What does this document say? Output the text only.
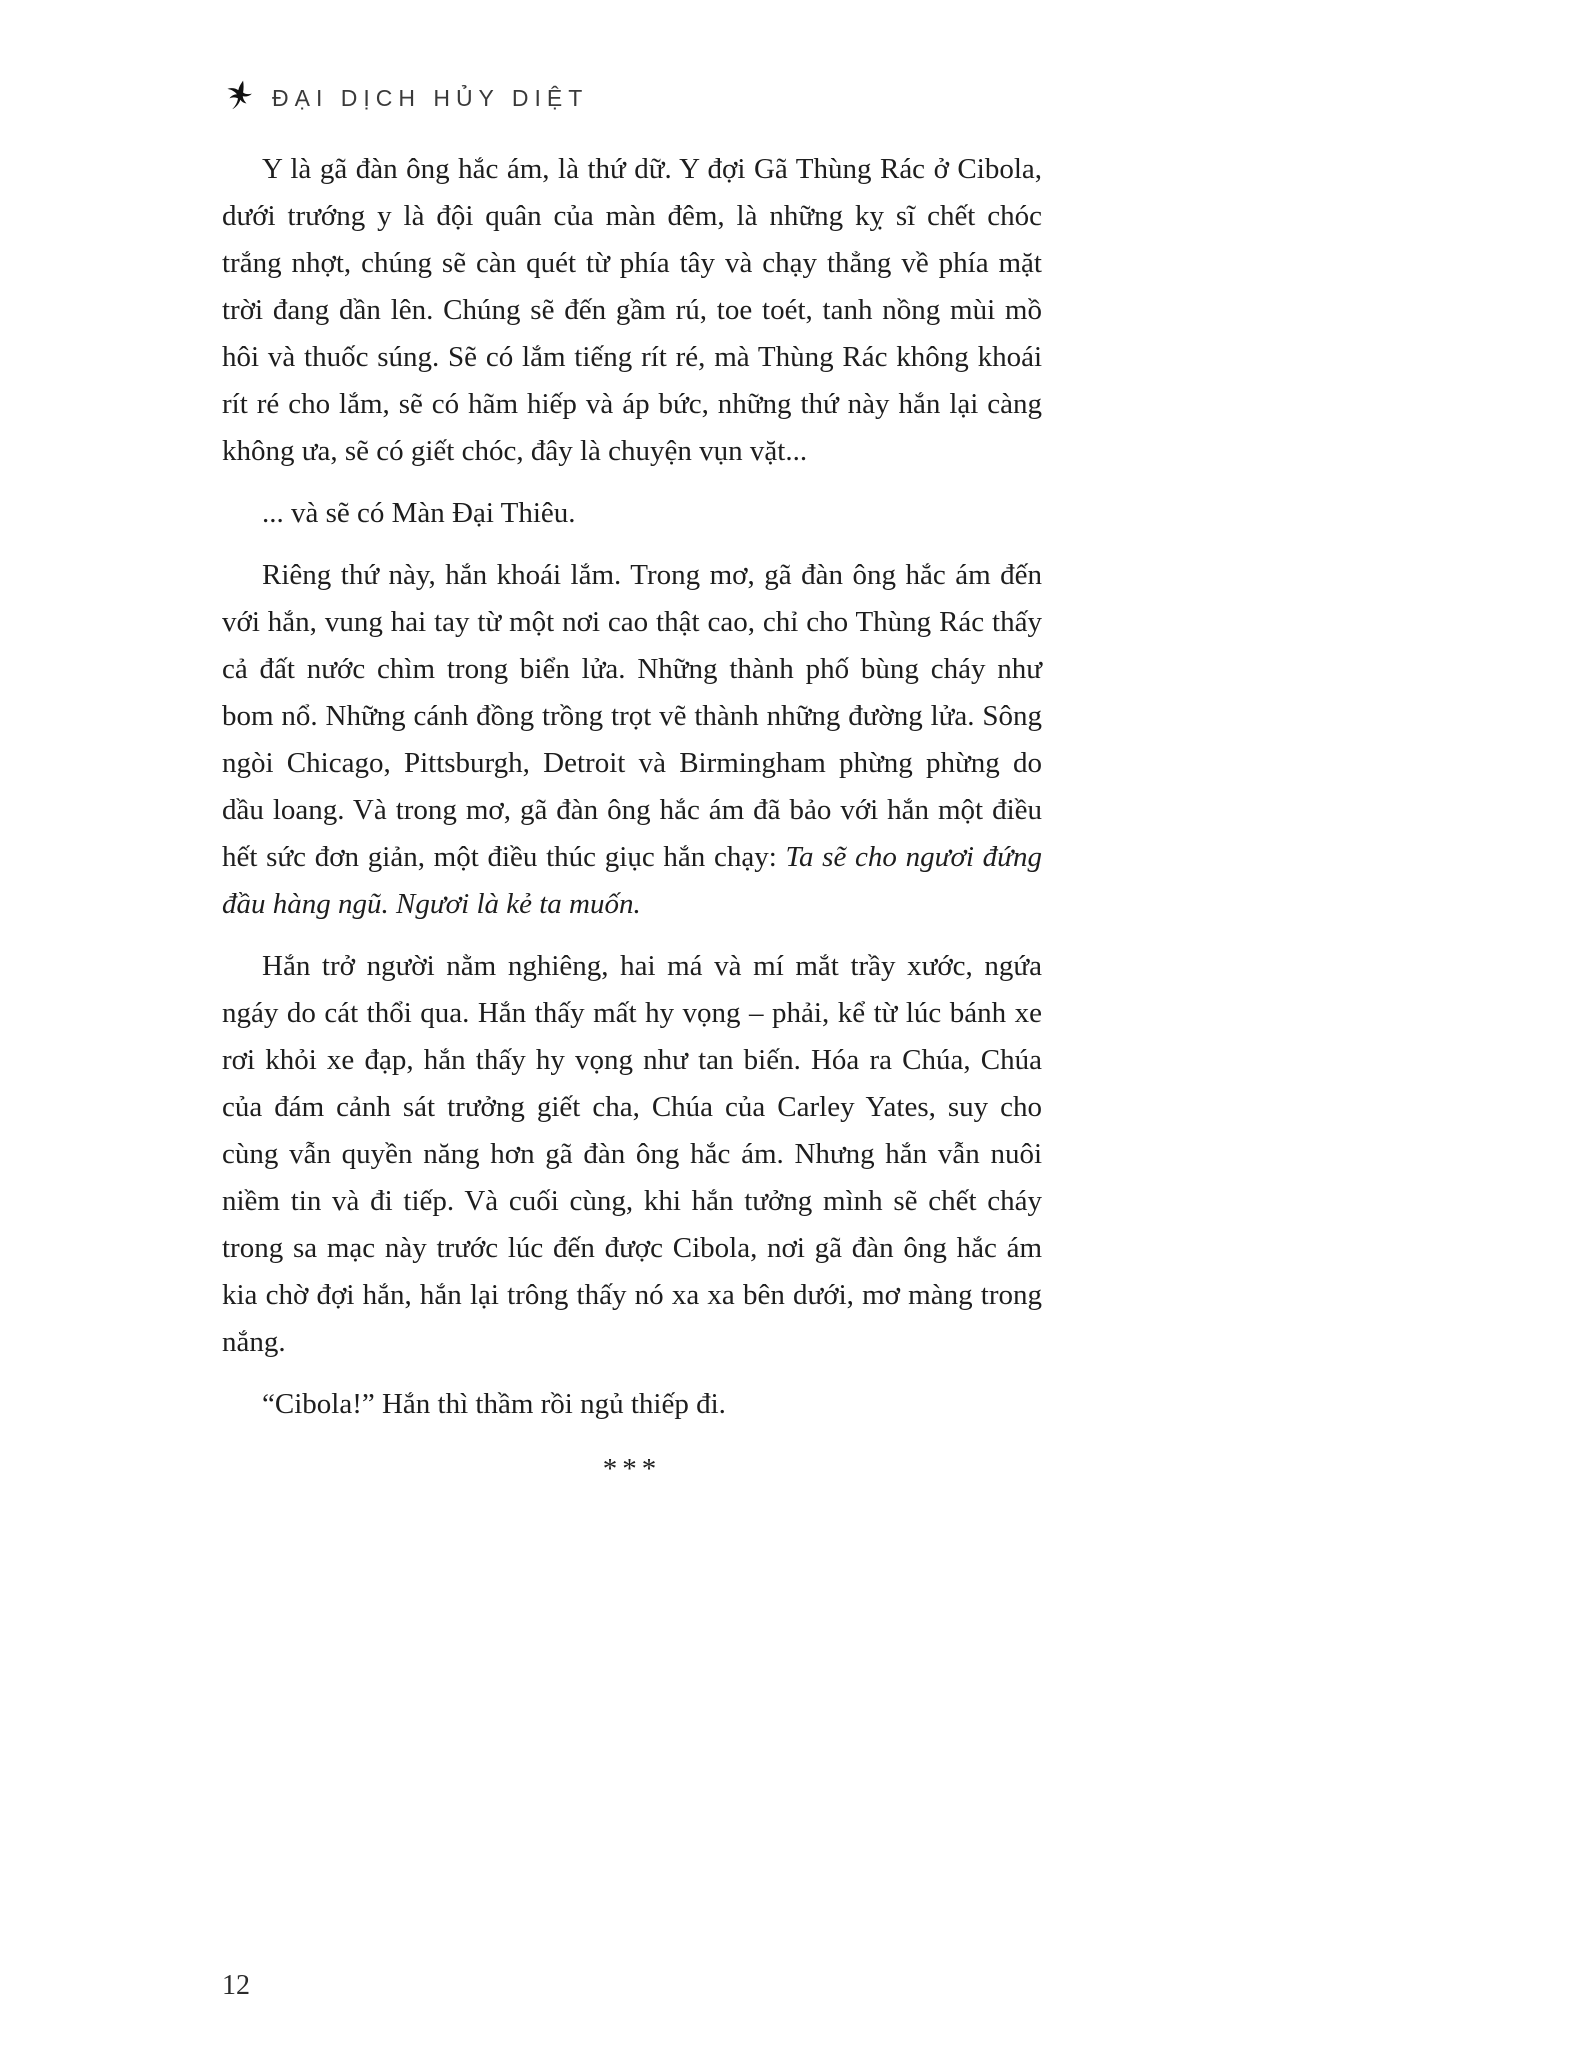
ĐẠI DỊCH HỦY DIỆT

Y là gã đàn ông hắc ám, là thứ dữ. Y đợi Gã Thùng Rác ở Cibola, dưới trướng y là đội quân của màn đêm, là những kỵ sĩ chết chóc trắng nhợt, chúng sẽ càn quét từ phía tây và chạy thẳng về phía mặt trời đang dần lên. Chúng sẽ đến gầm rú, toe toét, tanh nồng mùi mồ hôi và thuốc súng. Sẽ có lắm tiếng rít ré, mà Thùng Rác không khoái rít ré cho lắm, sẽ có hãm hiếp và áp bức, những thứ này hắn lại càng không ưa, sẽ có giết chóc, đây là chuyện vụn vặt...

... và sẽ có Màn Đại Thiêu.

Riêng thứ này, hắn khoái lắm. Trong mơ, gã đàn ông hắc ám đến với hắn, vung hai tay từ một nơi cao thật cao, chỉ cho Thùng Rác thấy cả đất nước chìm trong biển lửa. Những thành phố bùng cháy như bom nổ. Những cánh đồng trồng trọt vẽ thành những đường lửa. Sông ngòi Chicago, Pittsburgh, Detroit và Birmingham phừng phừng do dầu loang. Và trong mơ, gã đàn ông hắc ám đã bảo với hắn một điều hết sức đơn giản, một điều thúc giục hắn chạy: Ta sẽ cho ngươi đứng đầu hàng ngũ. Ngươi là kẻ ta muốn.

Hắn trở người nằm nghiêng, hai má và mí mắt trầy xước, ngứa ngáy do cát thổi qua. Hắn thấy mất hy vọng – phải, kể từ lúc bánh xe rơi khỏi xe đạp, hắn thấy hy vọng như tan biến. Hóa ra Chúa, Chúa của đám cảnh sát trưởng giết cha, Chúa của Carley Yates, suy cho cùng vẫn quyền năng hơn gã đàn ông hắc ám. Nhưng hắn vẫn nuôi niềm tin và đi tiếp. Và cuối cùng, khi hắn tưởng mình sẽ chết cháy trong sa mạc này trước lúc đến được Cibola, nơi gã đàn ông hắc ám kia chờ đợi hắn, hắn lại trông thấy nó xa xa bên dưới, mơ màng trong nắng.

“Cibola!” Hắn thì thầm rồi ngủ thiếp đi.

***
12
